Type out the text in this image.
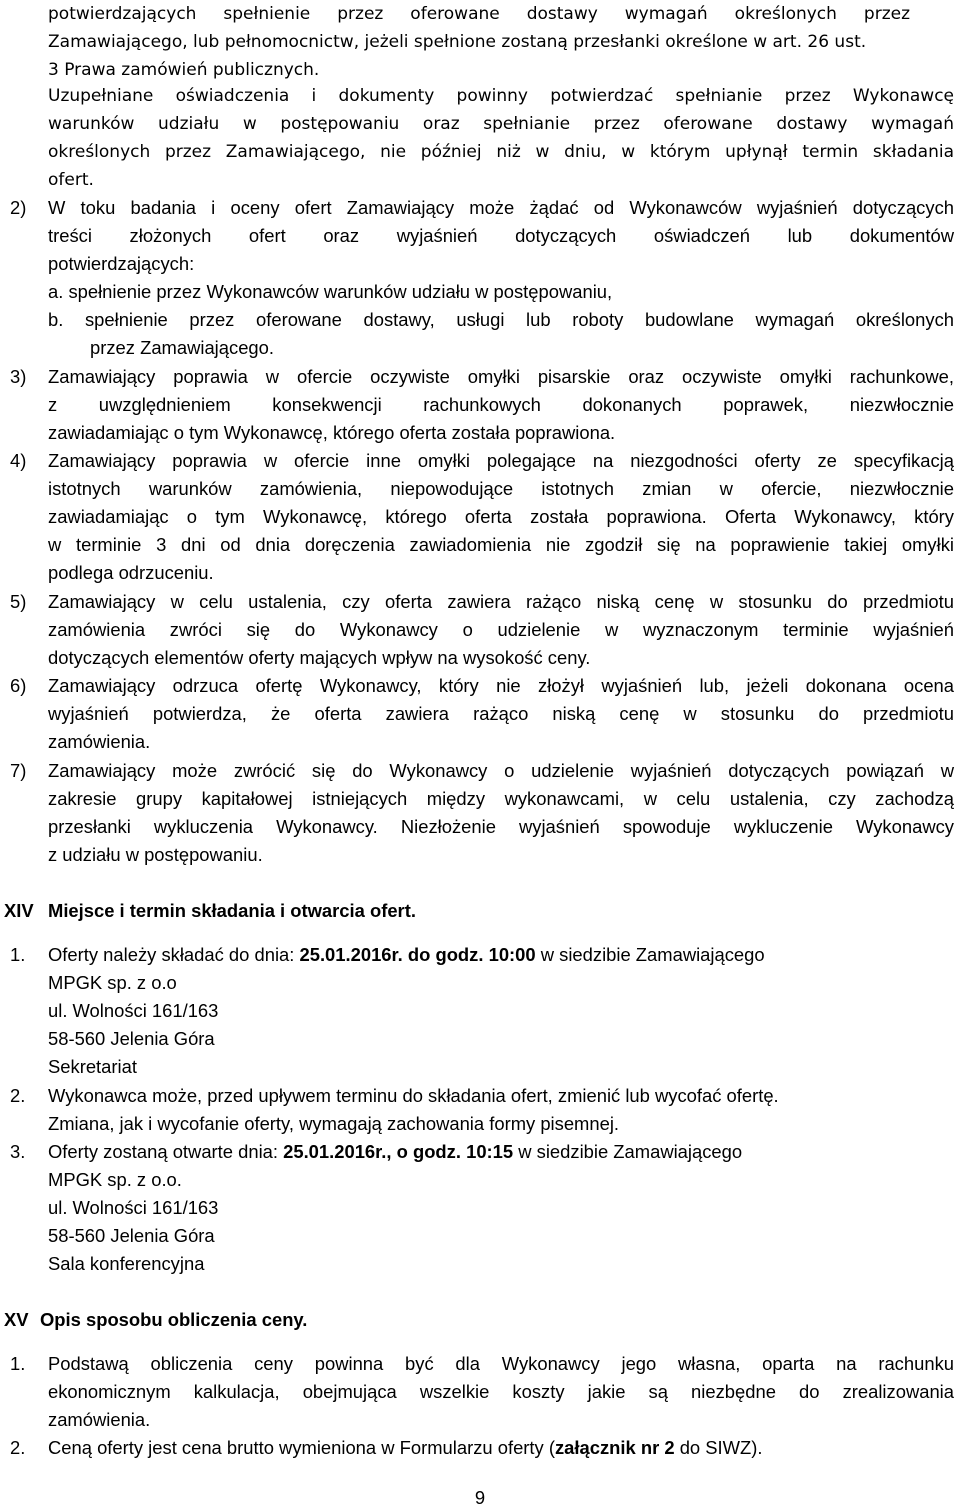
potwierdzających spełnienie przez oferowane dostawy wymagań określonych przez
Zamawiającego, lub pełnomocnictw, jeżeli spełnione zostaną przesłanki określone w art. 26 ust.
3 Prawa zamówień publicznych.
Uzupełniane oświadczenia i dokumenty powinny potwierdzać spełnianie przez Wykonawcę
warunków udziału w postępowaniu oraz spełnianie przez oferowane dostawy wymagań
określonych przez Zamawiającego, nie później niż w dniu, w którym upłynął termin składania
ofert.
2) W toku badania i oceny ofert Zamawiający może żądać od Wykonawców wyjaśnień dotyczących
treści złożonych ofert oraz wyjaśnień dotyczących oświadczeń lub dokumentów
potwierdzających:
a. spełnienie przez Wykonawców warunków udziału w postępowaniu,
b. spełnienie przez oferowane dostawy, usługi lub roboty budowlane wymagań określonych
przez Zamawiającego.
3) Zamawiający poprawia w ofercie oczywiste omyłki pisarskie oraz oczywiste omyłki rachunkowe,
z uwzględnieniem konsekwencji rachunkowych dokonanych poprawek, niezwłocznie
zawiadamiając o tym Wykonawcę, którego oferta została poprawiona.
4) Zamawiający poprawia w ofercie inne omyłki polegające na niezgodności oferty ze specyfikacją
istotnych warunków zamówienia, niepowodujące istotnych zmian w ofercie, niezwłocznie
zawiadamiając o tym Wykonawcę, którego oferta została poprawiona. Oferta Wykonawcy, który
w terminie 3 dni od dnia doręczenia zawiadomienia nie zgodził się na poprawienie takiej omyłki
podlega odrzuceniu.
5) Zamawiający w celu ustalenia, czy oferta zawiera rażąco niską cenę w stosunku do przedmiotu
zamówienia zwróci się do Wykonawcy o udzielenie w wyznaczonym terminie wyjaśnień
dotyczących elementów oferty mających wpływ na wysokość ceny.
6) Zamawiający odrzuca ofertę Wykonawcy, który nie złożył wyjaśnień lub, jeżeli dokonana ocena
wyjaśnień potwierdza, że oferta zawiera rażąco niską cenę w stosunku do przedmiotu
zamówienia.
7) Zamawiający może zwrócić się do Wykonawcy o udzielenie wyjaśnień dotyczących powiązań w
zakresie grupy kapitałowej istniejących między wykonawcami, w celu ustalenia, czy zachodzą
przesłanki wykluczenia Wykonawcy. Niezłożenie wyjaśnień spowoduje wykluczenie Wykonawcy
z udziału w postępowaniu.
XIV Miejsce i termin składania i otwarcia ofert.
1. Oferty należy składać do dnia: 25.01.2016r. do godz. 10:00 w siedzibie Zamawiającego
MPGK sp. z o.o
ul. Wolności 161/163
58-560 Jelenia Góra
Sekretariat
2. Wykonawca może, przed upływem terminu do składania ofert, zmienić lub wycofać ofertę.
Zmiana, jak i wycofanie oferty, wymagają zachowania formy pisemnej.
3. Oferty zostaną otwarte dnia: 25.01.2016r., o godz. 10:15 w siedzibie Zamawiającego
MPGK sp. z o.o.
ul. Wolności 161/163
58-560 Jelenia Góra
Sala konferencyjna
XV Opis sposobu obliczenia ceny.
1. Podstawą obliczenia ceny powinna być dla Wykonawcy jego własna, oparta na rachunku
ekonomicznym kalkulacja, obejmująca wszelkie koszty jakie są niezbędne do zrealizowania
zamówienia.
2. Ceną oferty jest cena brutto wymieniona w Formularzu oferty (załącznik nr 2 do SIWZ).
9
